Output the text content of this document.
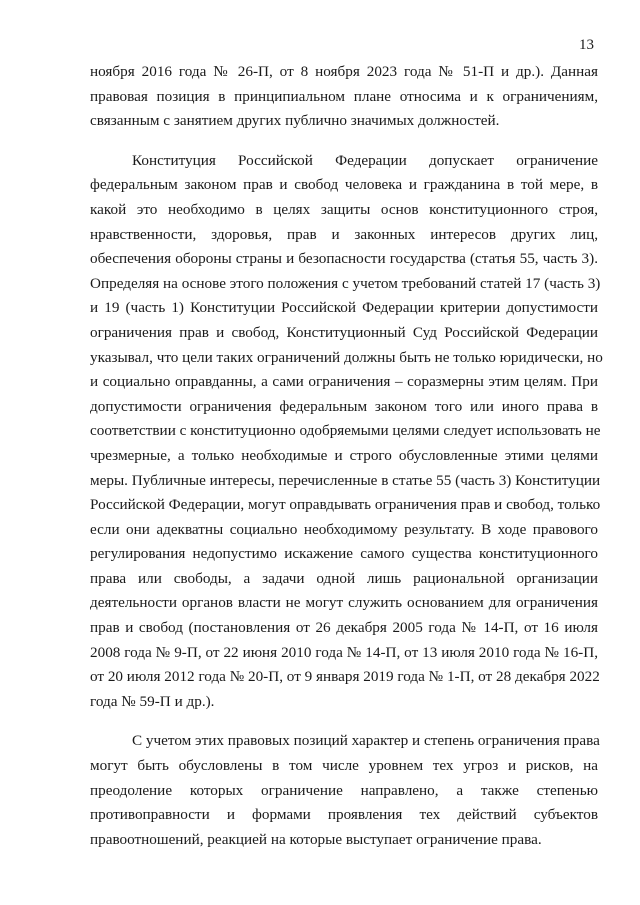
13
ноября 2016 года № 26-П, от 8 ноября 2023 года № 51-П и др.). Данная
правовая позиция в принципиальном плане относима и к ограничениям,
связанным с занятием других публично значимых должностей.
Конституция Российской Федерации допускает ограничение
федеральным законом прав и свобод человека и гражданина в той мере, в
какой это необходимо в целях защиты основ конституционного строя,
нравственности, здоровья, прав и законных интересов других лиц,
обеспечения обороны страны и безопасности государства (статья 55, часть 3).
Определяя на основе этого положения с учетом требований статей 17 (часть 3)
и 19 (часть 1) Конституции Российской Федерации критерии допустимости
ограничения прав и свобод, Конституционный Суд Российской Федерации
указывал, что цели таких ограничений должны быть не только юридически, но
и социально оправданны, а сами ограничения – соразмерны этим целям. При
допустимости ограничения федеральным законом того или иного права в
соответствии с конституционно одобряемыми целями следует использовать не
чрезмерные, а только необходимые и строго обусловленные этими целями
меры. Публичные интересы, перечисленные в статье 55 (часть 3) Конституции
Российской Федерации, могут оправдывать ограничения прав и свобод, только
если они адекватны социально необходимому результату. В ходе правового
регулирования недопустимо искажение самого существа конституционного
права или свободы, а задачи одной лишь рациональной организации
деятельности органов власти не могут служить основанием для ограничения
прав и свобод (постановления от 26 декабря 2005 года № 14-П, от 16 июля
2008 года № 9-П, от 22 июня 2010 года № 14-П, от 13 июля 2010 года № 16-П,
от 20 июля 2012 года № 20-П, от 9 января 2019 года № 1-П, от 28 декабря 2022
года № 59-П и др.).
С учетом этих правовых позиций характер и степень ограничения права
могут быть обусловлены в том числе уровнем тех угроз и рисков, на
преодоление которых ограничение направлено, а также степенью
противоправности и формами проявления тех действий субъектов
правоотношений, реакцией на которые выступает ограничение права.
